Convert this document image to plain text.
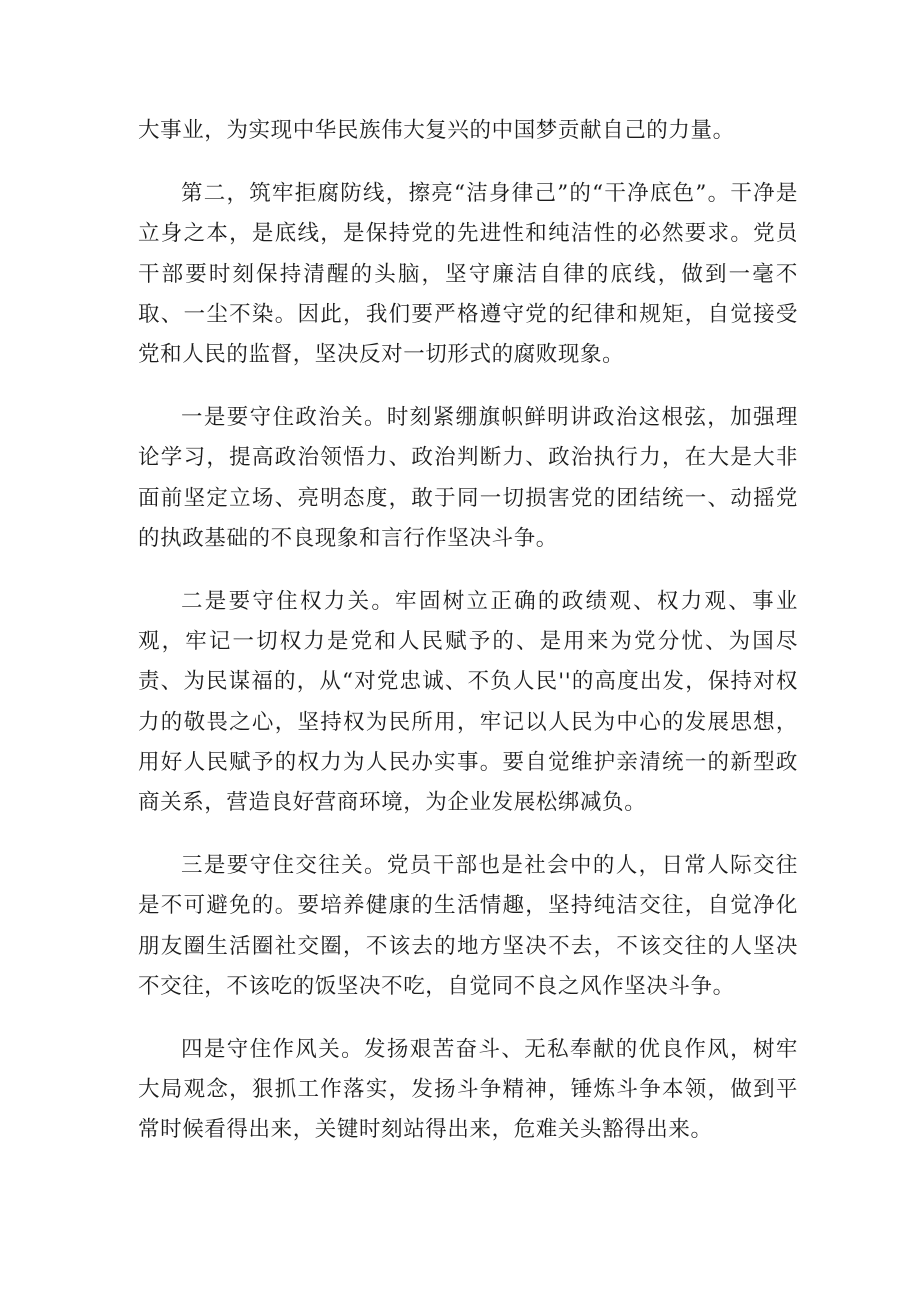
大事业，为实现中华民族伟大复兴的中国梦贡献自己的力量。

第二，筑牢拒腐防线，擦亮“洁身律己”的“干净底色”。干净是立身之本，是底线，是保持党的先进性和纯洁性的必然要求。党员干部要时刻保持清醒的头脑，坚守廉洁自律的底线，做到一毫不取、一尘不染。因此，我们要严格遵守党的纪律和规矩，自觉接受党和人民的监督，坚决反对一切形式的腐败现象。

一是要守住政治关。时刻紧绷旗帜鲜明讲政治这根弦，加强理论学习，提高政治领悟力、政治判断力、政治执行力，在大是大非面前坚定立场、亮明态度，敢于同一切损害党的团结统一、动摇党的执政基础的不良现象和言行作坚决斗争。

二是要守住权力关。牢固树立正确的政绩观、权力观、事业观，牢记一切权力是党和人民赋予的、是用来为党分忧、为国尽责、为民谋福的，从“对党忠诚、不负人民''的高度出发，保持对权力的敬畏之心，坚持权为民所用，牢记以人民为中心的发展思想，用好人民赋予的权力为人民办实事。要自觉维护亲清统一的新型政商关系，营造良好营商环境，为企业发展松绑减负。

三是要守住交往关。党员干部也是社会中的人，日常人际交往是不可避免的。要培养健康的生活情趣，坚持纯洁交往，自觉净化朋友圈生活圈社交圈，不该去的地方坚决不去，不该交往的人坚决不交往，不该吃的饭坚决不吃，自觉同不良之风作坚决斗争。

四是守住作风关。发扬艰苦奋斗、无私奉献的优良作风，树牢大局观念，狠抓工作落实，发扬斗争精神，锤炼斗争本领，做到平常时候看得出来，关键时刻站得出来，危难关头豁得出来。
